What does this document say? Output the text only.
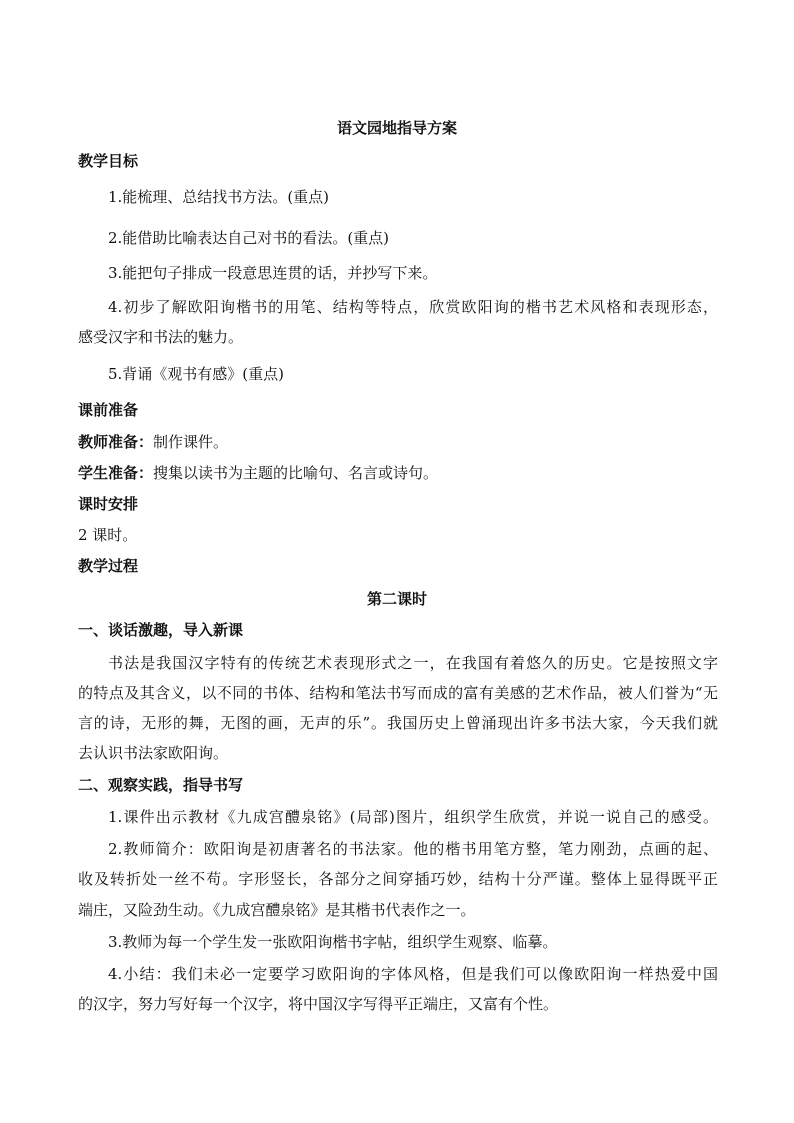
语文园地指导方案
教学目标
1.能梳理、总结找书方法。(重点)
2.能借助比喻表达自己对书的看法。(重点)
3.能把句子排成一段意思连贯的话，并抄写下来。
4.初步了解欧阳询楷书的用笔、结构等特点，欣赏欧阳询的楷书艺术风格和表现形态，
感受汉字和书法的魅力。
5.背诵《观书有感》(重点)
课前准备
教师准备：制作课件。
学生准备：搜集以读书为主题的比喻句、名言或诗句。
课时安排
2 课时。
教学过程
第二课时
一、谈话激趣，导入新课
书法是我国汉字特有的传统艺术表现形式之一，在我国有着悠久的历史。它是按照文字
的特点及其含义，以不同的书体、结构和笔法书写而成的富有美感的艺术作品，被人们誉为“无
言的诗，无形的舞，无图的画，无声的乐”。我国历史上曾涌现出许多书法大家，今天我们就
去认识书法家欧阳询。
二、观察实践，指导书写
1.课件出示教材《九成宫醴泉铭》(局部)图片，组织学生欣赏，并说一说自己的感受。
2.教师简介：欧阳询是初唐著名的书法家。他的楷书用笔方整，笔力刚劲，点画的起、
收及转折处一丝不苟。字形竖长，各部分之间穿插巧妙，结构十分严谨。整体上显得既平正
端庄，又险劲生动。《九成宫醴泉铭》是其楷书代表作之一。
3.教师为每一个学生发一张欧阳询楷书字帖，组织学生观察、临摹。
4.小结：我们未必一定要学习欧阳询的字体风格，但是我们可以像欧阳询一样热爱中国
的汉字，努力写好每一个汉字，将中国汉字写得平正端庄，又富有个性。
